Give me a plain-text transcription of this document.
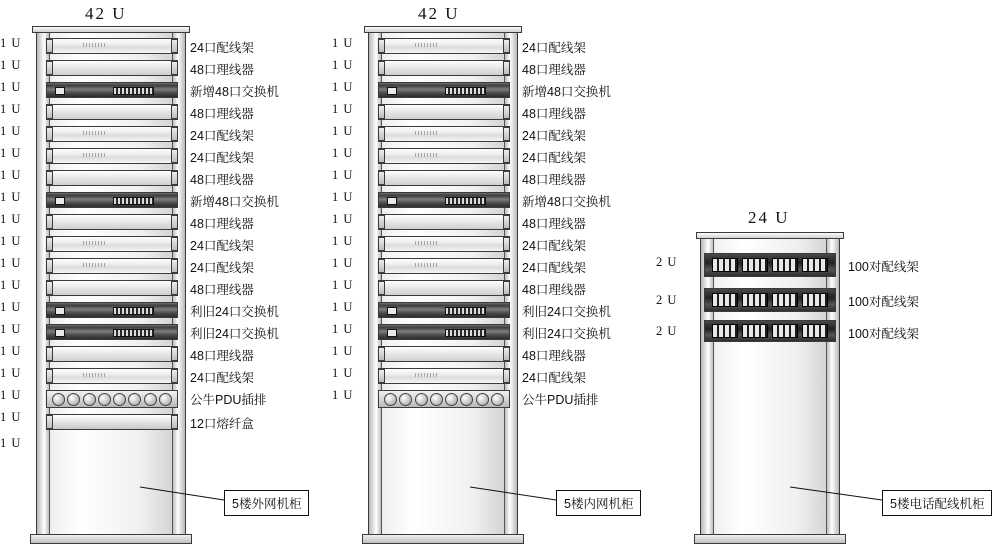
42 U
1 U
1 U
1 U
1 U
1 U
1 U
1 U
1 U
1 U
1 U
1 U
1 U
1 U
1 U
1 U
1 U
1 U
1 U
1 U
24口配线架
48口理线器
新增48口交换机
48口理线器
24口配线架
24口配线架
48口理线器
新增48口交换机
48口理线器
24口配线架
24口配线架
48口理线器
利旧24口交换机
利旧24口交换机
48口理线器
24口配线架
公牛PDU插排
12口熔纤盒
5楼外网机柜
42 U
1 U
1 U
1 U
1 U
1 U
1 U
1 U
1 U
1 U
1 U
1 U
1 U
1 U
1 U
1 U
1 U
1 U
24口配线架
48口理线器
新增48口交换机
48口理线器
24口配线架
24口配线架
48口理线器
新增48口交换机
48口理线器
24口配线架
24口配线架
48口理线器
利旧24口交换机
利旧24口交换机
48口理线器
24口配线架
公牛PDU插排
5楼内网机柜
24 U
2 U
2 U
2 U
100对配线架
100对配线架
100对配线架
5楼电话配线机柜
